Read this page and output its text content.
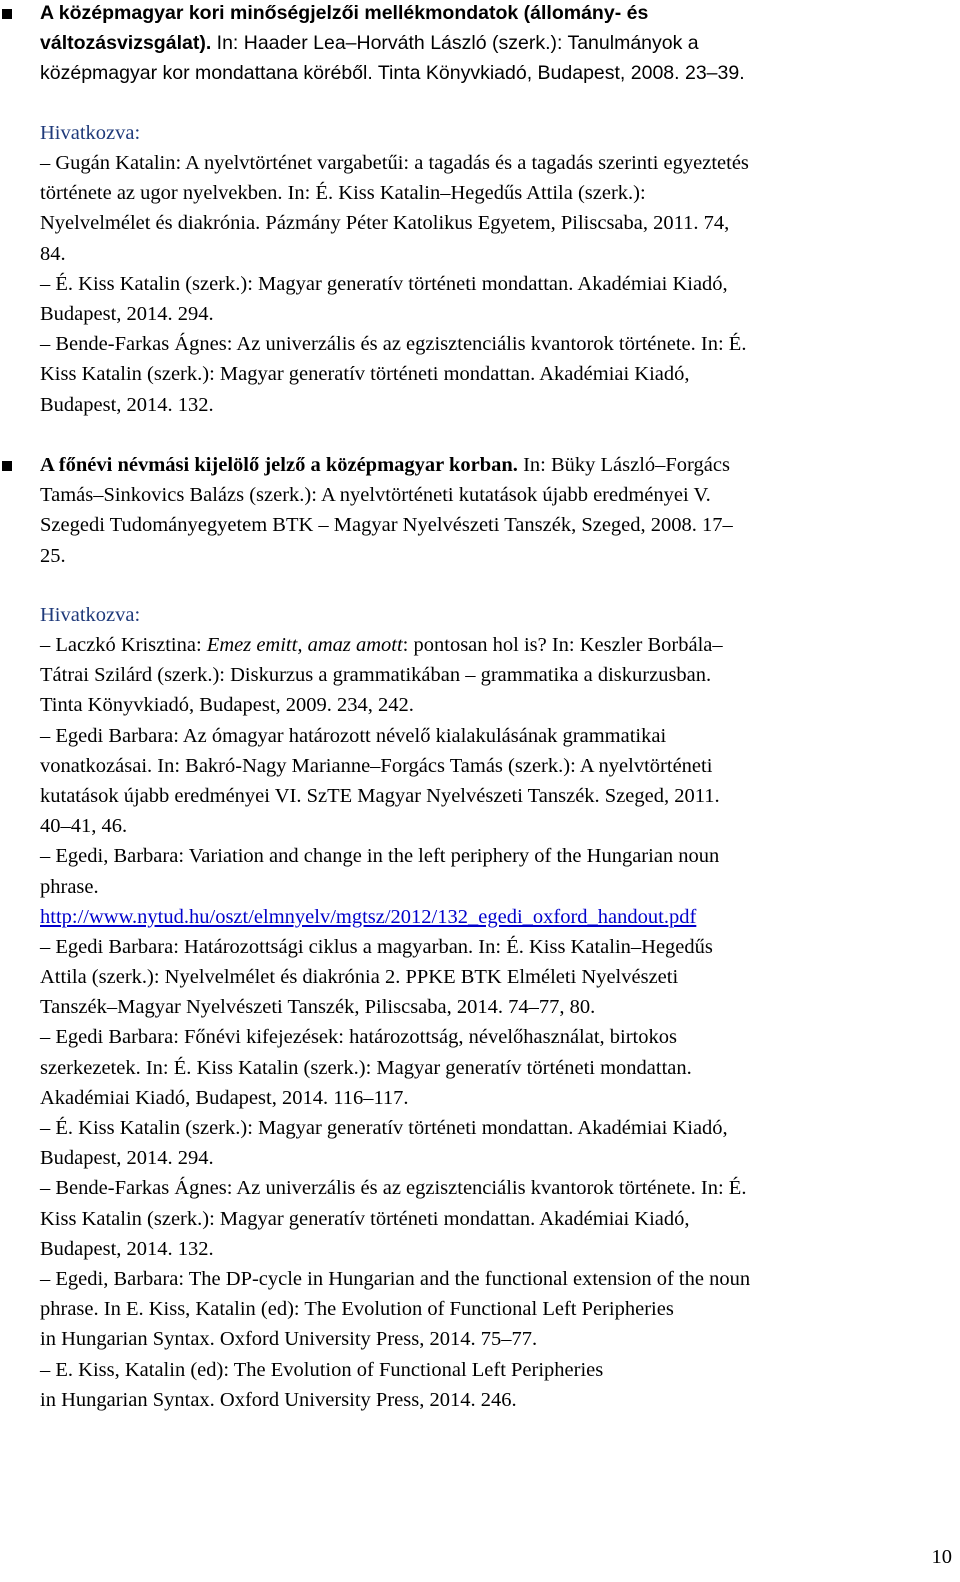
A középmagyar kori minőségjelzői mellékmondatok (állomány- és
változásvizsgálat). In: Haader Lea–Horváth László (szerk.): Tanulmányok a
középmagyar kor mondattana köréből. Tinta Könyvkiadó, Budapest, 2008. 23–39.
Hivatkozva:
– Gugán Katalin: A nyelvtörténet vargabetűi: a tagadás és a tagadás szerinti egyeztetés
története az ugor nyelvekben. In: É. Kiss Katalin–Hegedűs Attila (szerk.):
Nyelvelmélet és diakrónia. Pázmány Péter Katolikus Egyetem, Piliscsaba, 2011. 74,
84.
– É. Kiss Katalin (szerk.): Magyar generatív történeti mondattan. Akadémiai Kiadó,
Budapest, 2014. 294.
– Bende-Farkas Ágnes: Az univerzális és az egzisztenciális kvantorok története. In: É.
Kiss Katalin (szerk.): Magyar generatív történeti mondattan. Akadémiai Kiadó,
Budapest, 2014. 132.
A főnévi névmási kijelölő jelző a középmagyar korban. In: Büky László–Forgács
Tamás–Sinkovics Balázs (szerk.): A nyelvtörténeti kutatások újabb eredményei V.
Szegedi Tudományegyetem BTK – Magyar Nyelvészeti Tanszék, Szeged, 2008. 17–
25.
Hivatkozva:
– Laczkó Krisztina: Emez emitt, amaz amott: pontosan hol is? In: Keszler Borbála–
Tátrai Szilárd (szerk.): Diskurzus a grammatikában – grammatika a diskurzusban.
Tinta Könyvkiadó, Budapest, 2009. 234, 242.
– Egedi Barbara: Az ómagyar határozott névelő kialakulásának grammatikai
vonatkozásai. In: Bakró-Nagy Marianne–Forgács Tamás (szerk.): A nyelvtörténeti
kutatások újabb eredményei VI. SzTE Magyar Nyelvészeti Tanszék. Szeged, 2011.
40–41, 46.
– Egedi, Barbara: Variation and change in the left periphery of the Hungarian noun
phrase.
http://www.nytud.hu/oszt/elmnyelv/mgtsz/2012/132_egedi_oxford_handout.pdf
– Egedi Barbara: Határozottsági ciklus a magyarban. In: É. Kiss Katalin–Hegedűs
Attila (szerk.): Nyelvelmélet és diakrónia 2. PPKE BTK Elméleti Nyelvészeti
Tanszék–Magyar Nyelvészeti Tanszék, Piliscsaba, 2014. 74–77, 80.
– Egedi Barbara: Főnévi kifejezések: határozottság, névelőhasználat, birtokos
szerkezetek. In: É. Kiss Katalin (szerk.): Magyar generatív történeti mondattan.
Akadémiai Kiadó, Budapest, 2014. 116–117.
– É. Kiss Katalin (szerk.): Magyar generatív történeti mondattan. Akadémiai Kiadó,
Budapest, 2014. 294.
– Bende-Farkas Ágnes: Az univerzális és az egzisztenciális kvantorok története. In: É.
Kiss Katalin (szerk.): Magyar generatív történeti mondattan. Akadémiai Kiadó,
Budapest, 2014. 132.
– Egedi, Barbara: The DP-cycle in Hungarian and the functional extension of the noun
phrase. In E. Kiss, Katalin (ed): The Evolution of Functional Left Peripheries
in Hungarian Syntax. Oxford University Press, 2014. 75–77.
– E. Kiss, Katalin (ed): The Evolution of Functional Left Peripheries
in Hungarian Syntax. Oxford University Press, 2014. 246.
10
